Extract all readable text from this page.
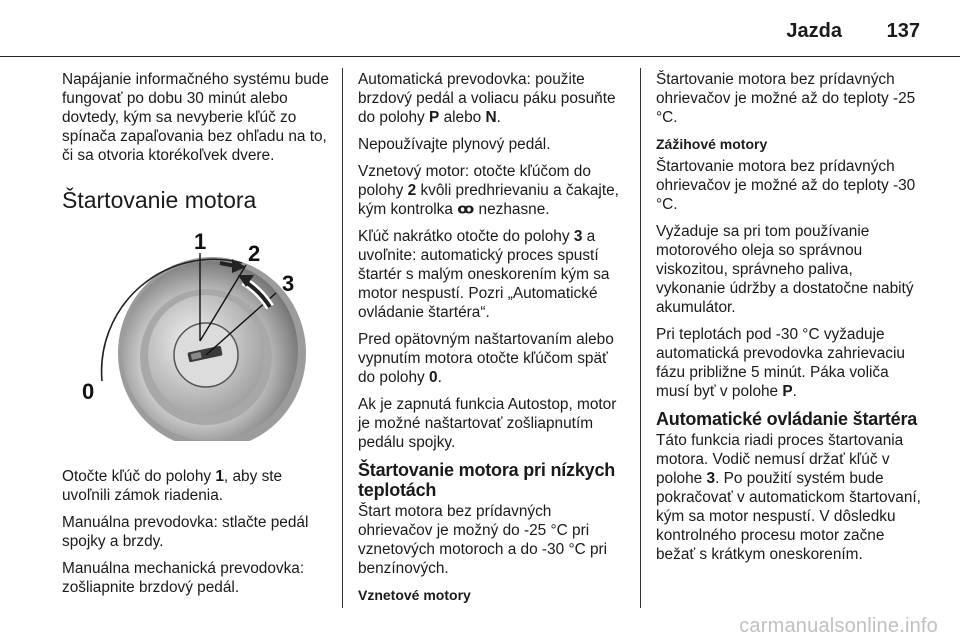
Jazda 137

Napájanie informačného systému bude fungovať po dobu 30 minút alebo dovtedy, kým sa nevyberie kľúč zo spínača zapaľovania bez ohľadu na to, či sa otvoria ktorékoľvek dvere.

Štartovanie motora
1 2
3
0

Otočte kľúč do polohy 1, aby ste uvoľnili zámok riadenia.

Manuálna prevodovka: stlačte pedál spojky a brzdy.

Manuálna mechanická prevodovka: zošliapnite brzdový pedál.

Automatická prevodovka: použite brzdový pedál a voliacu páku posuňte do polohy P alebo N.

Nepoužívajte plynový pedál.

Vznetový motor: otočte kľúčom do polohy 2 kvôli predhrievaniu a čakajte, kým kontrolka ꝏ nezhasne.

Kľúč nakrátko otočte do polohy 3 a uvoľnite: automatický proces spustí štartér s malým oneskorením kým sa motor nespustí. Pozri „Automatické ovládanie štartéra“.

Pred opätovným naštartovaním alebo vypnutím motora otočte kľúčom späť do polohy 0.

Ak je zapnutá funkcia Autostop, motor je možné naštartovať zošliapnutím pedálu spojky.

Štartovanie motora pri nízkych teplotách

Štart motora bez prídavných ohrievačov je možný do -25 °C pri vznetových motoroch a do -30 °C pri benzínových.

Vznetové motory

Štartovanie motora bez prídavných ohrievačov je možné až do teploty -25 °C.

Zážihové motory

Štartovanie motora bez prídavných ohrievačov je možné až do teploty -30 °C.

Vyžaduje sa pri tom používanie motorového oleja so správnou viskozitou, správneho paliva, vykonanie údržby a dostatočne nabitý akumulátor.

Pri teplotách pod -30 °C vyžaduje automatická prevodovka zahrievaciu fázu približne 5 minút. Páka voliča musí byť v polohe P.

Automatické ovládanie štartéra

Táto funkcia riadi proces štartovania motora. Vodič nemusí držať kľúč v polohe 3. Po použití systém bude pokračovať v automatickom štartovaní, kým sa motor nespustí. V dôsledku kontrolného procesu motor začne bežať s krátkym oneskorením.

carmanualsonline.info
